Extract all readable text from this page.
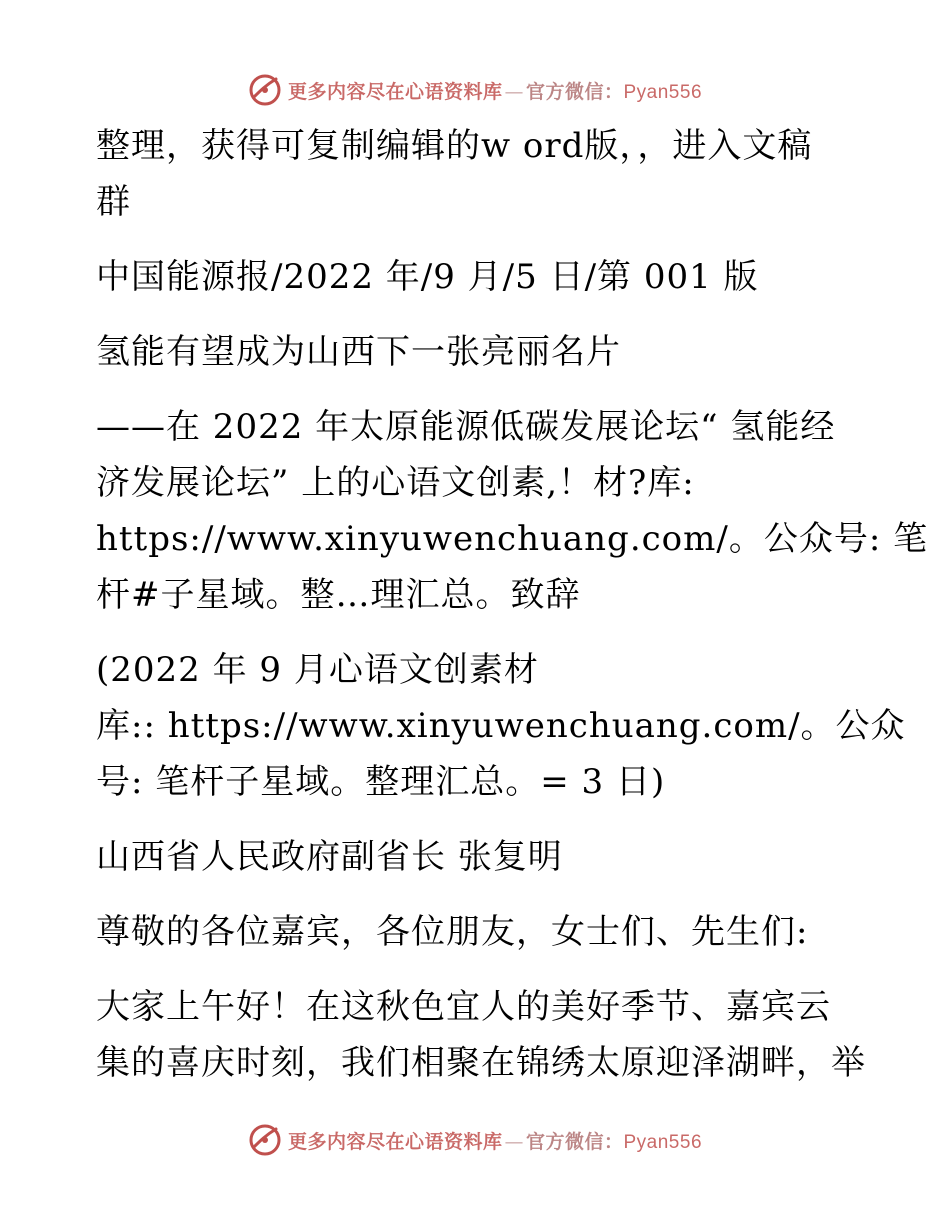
更多内容尽在心语资料库 — 官方微信：Pyan556
整理，获得可复制编辑的w ord版，，进入文稿
群
中国能源报/2022 年/9 月/5 日/第 001 版
氢能有望成为山西下一张亮丽名片
——在 2022 年太原能源低碳发展论坛“ 氢能经
济发展论坛” 上的心语文创素,！材?库:
https://www.xinyuwenchuang.com/。公众号: 笔
杆#子星域。整…理汇总。致辞
(2022 年 9 月心语文创素材
库:: https://www.xinyuwenchuang.com/。公众
号: 笔杆子星域。整理汇总。= 3 日)
山西省人民政府副省长 张复明
尊敬的各位嘉宾，各位朋友，女士们、先生们:
大家上午好！在这秋色宜人的美好季节、嘉宾云
集的喜庆时刻，我们相聚在锦绣太原迎泽湖畔，举
更多内容尽在心语资料库 — 官方微信：Pyan556
